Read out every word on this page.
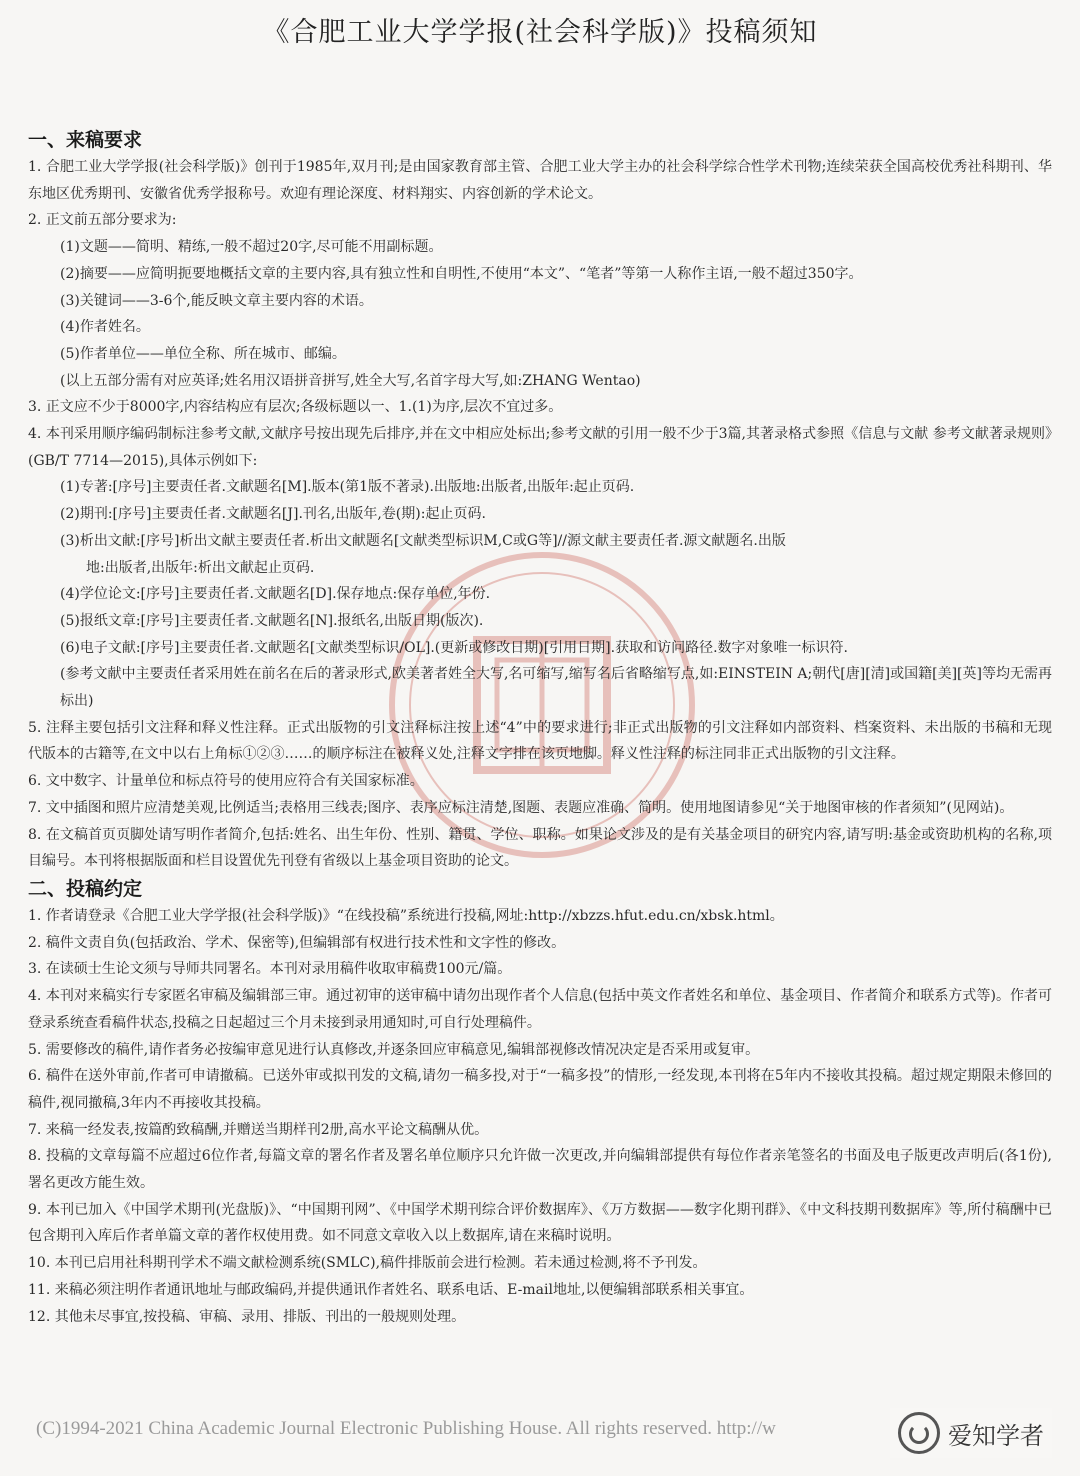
《合肥工业大学学报(社会科学版)》投稿须知
一、来稿要求

1. 合肥工业大学学报(社会科学版)》创刊于1985年,双月刊;是由国家教育部主管、合肥工业大学主办的社会科学综合性学术刊物;连续荣获全国高校优秀社科期刊、华东地区优秀期刊、安徽省优秀学报称号。欢迎有理论深度、材料翔实、内容创新的学术论文。

2. 正文前五部分要求为:

(1)文题——简明、精练,一般不超过20字,尽可能不用副标题。

(2)摘要——应简明扼要地概括文章的主要内容,具有独立性和自明性,不使用“本文”、“笔者”等第一人称作主语,一般不超过350字。

(3)关键词——3-6个,能反映文章主要内容的术语。

(4)作者姓名。

(5)作者单位——单位全称、所在城市、邮编。

(以上五部分需有对应英译;姓名用汉语拼音拼写,姓全大写,名首字母大写,如:ZHANG Wentao)

3. 正文应不少于8000字,内容结构应有层次;各级标题以一、1.(1)为序,层次不宜过多。

4. 本刊采用顺序编码制标注参考文献,文献序号按出现先后排序,并在文中相应处标出;参考文献的引用一般不少于3篇,其著录格式参照《信息与文献 参考文献著录规则》(GB/T 7714—2015),具体示例如下:

(1)专著:[序号]主要责任者.文献题名[M].版本(第1版不著录).出版地:出版者,出版年:起止页码.

(2)期刊:[序号]主要责任者.文献题名[J].刊名,出版年,卷(期):起止页码.

(3)析出文献:[序号]析出文献主要责任者.析出文献题名[文献类型标识M,C或G等]//源文献主要责任者.源文献题名.出版

地:出版者,出版年:析出文献起止页码.

(4)学位论文:[序号]主要责任者.文献题名[D].保存地点:保存单位,年份.

(5)报纸文章:[序号]主要责任者.文献题名[N].报纸名,出版日期(版次).

(6)电子文献:[序号]主要责任者.文献题名[文献类型标识/OL].(更新或修改日期)[引用日期].获取和访问路径.数字对象唯一标识符.

(参考文献中主要责任者采用姓在前名在后的著录形式,欧美著者姓全大写,名可缩写,缩写名后省略缩写点,如:EINSTEIN A;朝代[唐][清]或国籍[美][英]等均无需再标出)

5. 注释主要包括引文注释和释义性注释。正式出版物的引文注释标注按上述“4”中的要求进行;非正式出版物的引文注释如内部资料、档案资料、未出版的书稿和无现代版本的古籍等,在文中以右上角标①②③……的顺序标注在被释义处,注释文字排在该页地脚。释义性注释的标注同非正式出版物的引文注释。

6. 文中数字、计量单位和标点符号的使用应符合有关国家标准。

7. 文中插图和照片应清楚美观,比例适当;表格用三线表;图序、表序应标注清楚,图题、表题应准确、简明。使用地图请参见“关于地图审核的作者须知”(见网站)。

8. 在文稿首页页脚处请写明作者简介,包括:姓名、出生年份、性别、籍贯、学位、职称。如果论文涉及的是有关基金项目的研究内容,请写明:基金或资助机构的名称,项目编号。本刊将根据版面和栏目设置优先刊登有省级以上基金项目资助的论文。

二、投稿约定

1. 作者请登录《合肥工业大学学报(社会科学版)》“在线投稿”系统进行投稿,网址:http://xbzzs.hfut.edu.cn/xbsk.html。

2. 稿件文责自负(包括政治、学术、保密等),但编辑部有权进行技术性和文字性的修改。

3. 在读硕士生论文须与导师共同署名。本刊对录用稿件收取审稿费100元/篇。

4. 本刊对来稿实行专家匿名审稿及编辑部三审。通过初审的送审稿中请勿出现作者个人信息(包括中英文作者姓名和单位、基金项目、作者简介和联系方式等)。作者可登录系统查看稿件状态,投稿之日起超过三个月未接到录用通知时,可自行处理稿件。

5. 需要修改的稿件,请作者务必按编审意见进行认真修改,并逐条回应审稿意见,编辑部视修改情况决定是否采用或复审。

6. 稿件在送外审前,作者可申请撤稿。已送外审或拟刊发的文稿,请勿一稿多投,对于“一稿多投”的情形,一经发现,本刊将在5年内不接收其投稿。超过规定期限未修回的稿件,视同撤稿,3年内不再接收其投稿。

7. 来稿一经发表,按篇酌致稿酬,并赠送当期样刊2册,高水平论文稿酬从优。

8. 投稿的文章每篇不应超过6位作者,每篇文章的署名作者及署名单位顺序只允许做一次更改,并向编辑部提供有每位作者亲笔签名的书面及电子版更改声明后(各1份),署名更改方能生效。

9. 本刊已加入《中国学术期刊(光盘版)》、“中国期刊网”、《中国学术期刊综合评价数据库》、《万方数据——数字化期刊群》、《中文科技期刊数据库》等,所付稿酬中已包含期刊入库后作者单篇文章的著作权使用费。如不同意文章收入以上数据库,请在来稿时说明。

10. 本刊已启用社科期刊学术不端文献检测系统(SMLC),稿件排版前会进行检测。若未通过检测,将不予刊发。

11. 来稿必须注明作者通讯地址与邮政编码,并提供通讯作者姓名、联系电话、E-mail地址,以便编辑部联系相关事宜。

12. 其他未尽事宜,按投稿、审稿、录用、排版、刊出的一般规则处理。

(C)1994-2021 China Academic Journal Electronic Publishing House. All rights reserved. http://w	爱知学者
